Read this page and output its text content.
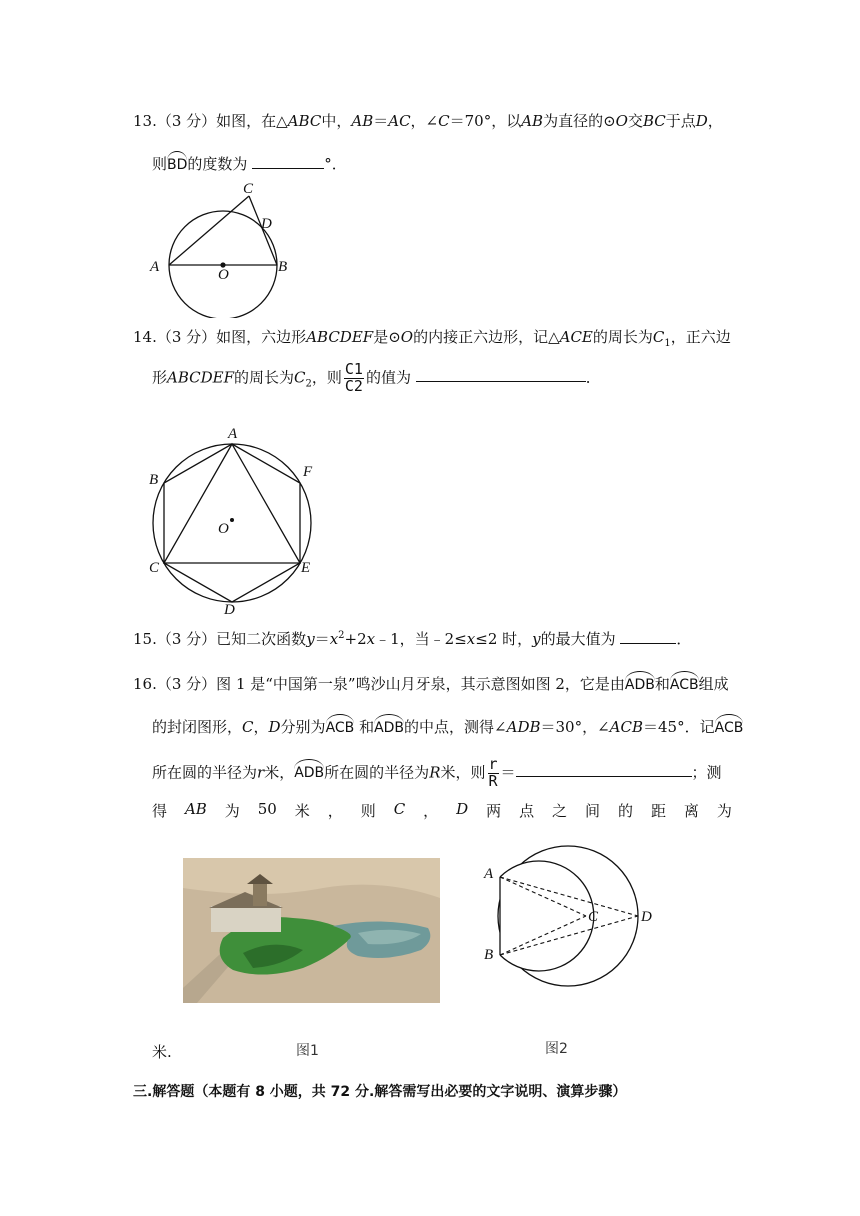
13.（3 分）如图，在△ABC中，AB＝AC，∠C＝70°，以AB为直径的⊙O交BC于点D，
则BD的度数为	°．
C
D
A	O	B
14.（3 分）如图，六边形ABCDEF是⊙O的内接正六边形，记△ACE的周长为$C_1$，正六边
形ABCDEF的周长为$C_2$，则 $\frac{C1}{C2}$ 的值为	．
A
B	F
O
C	E
D
15.（3 分）已知二次函数$y=x^2+2x﹣1$，当﹣2≤x≤2 时，y的最大值为	．
16.（3 分）图 1 是“中国第一泉”鸣沙山月牙泉，其示意图如图 2，它是由ADB和ACB组成
的封闭图形，C，D分别为ACB 和ADB的中点，测得∠ADB＝30°，∠ACB＝45°．记ACB
所在圆的半径为r米，ADB所在圆的半径为R米，则 $\frac{r}{R}$ ＝	；测
得 AB 为 50 米 ， 则 C ， D 两 点 之 间 的 距 离 为
A
B
C	D
米.	图1	图2
三.解答题（本题有 8 小题，共 72 分.解答需写出必要的文字说明、演算步骤）
